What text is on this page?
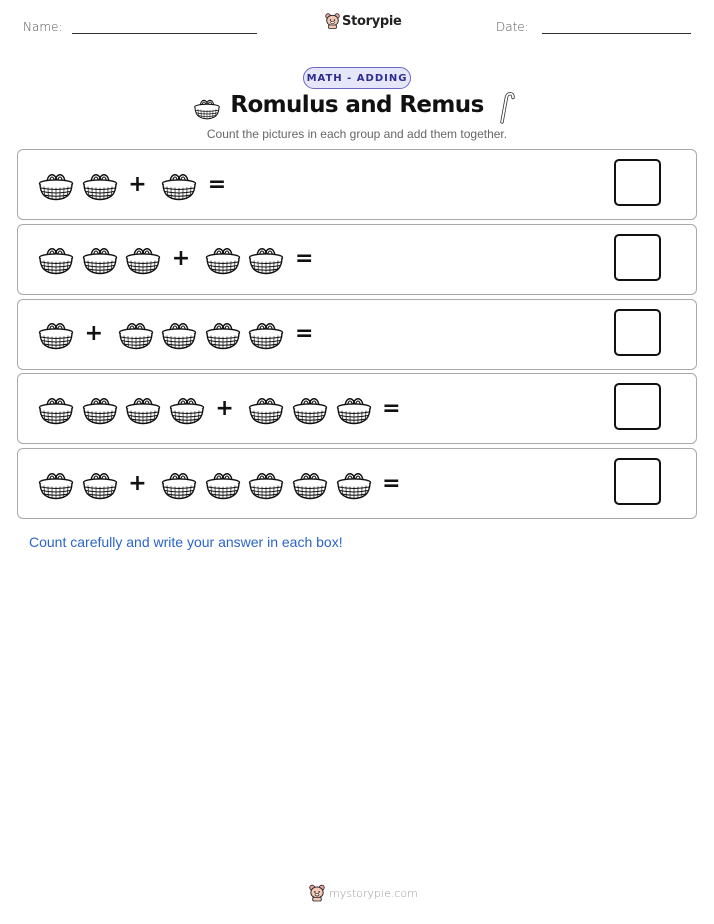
Name:	Storypie	Date:
MATH - ADDING
Romulus and Remus
Count the pictures in each group and add them together.
+	=
+	=
+	=
+	=
+	=
Count carefully and write your answer in each box!
mystorypie.com
